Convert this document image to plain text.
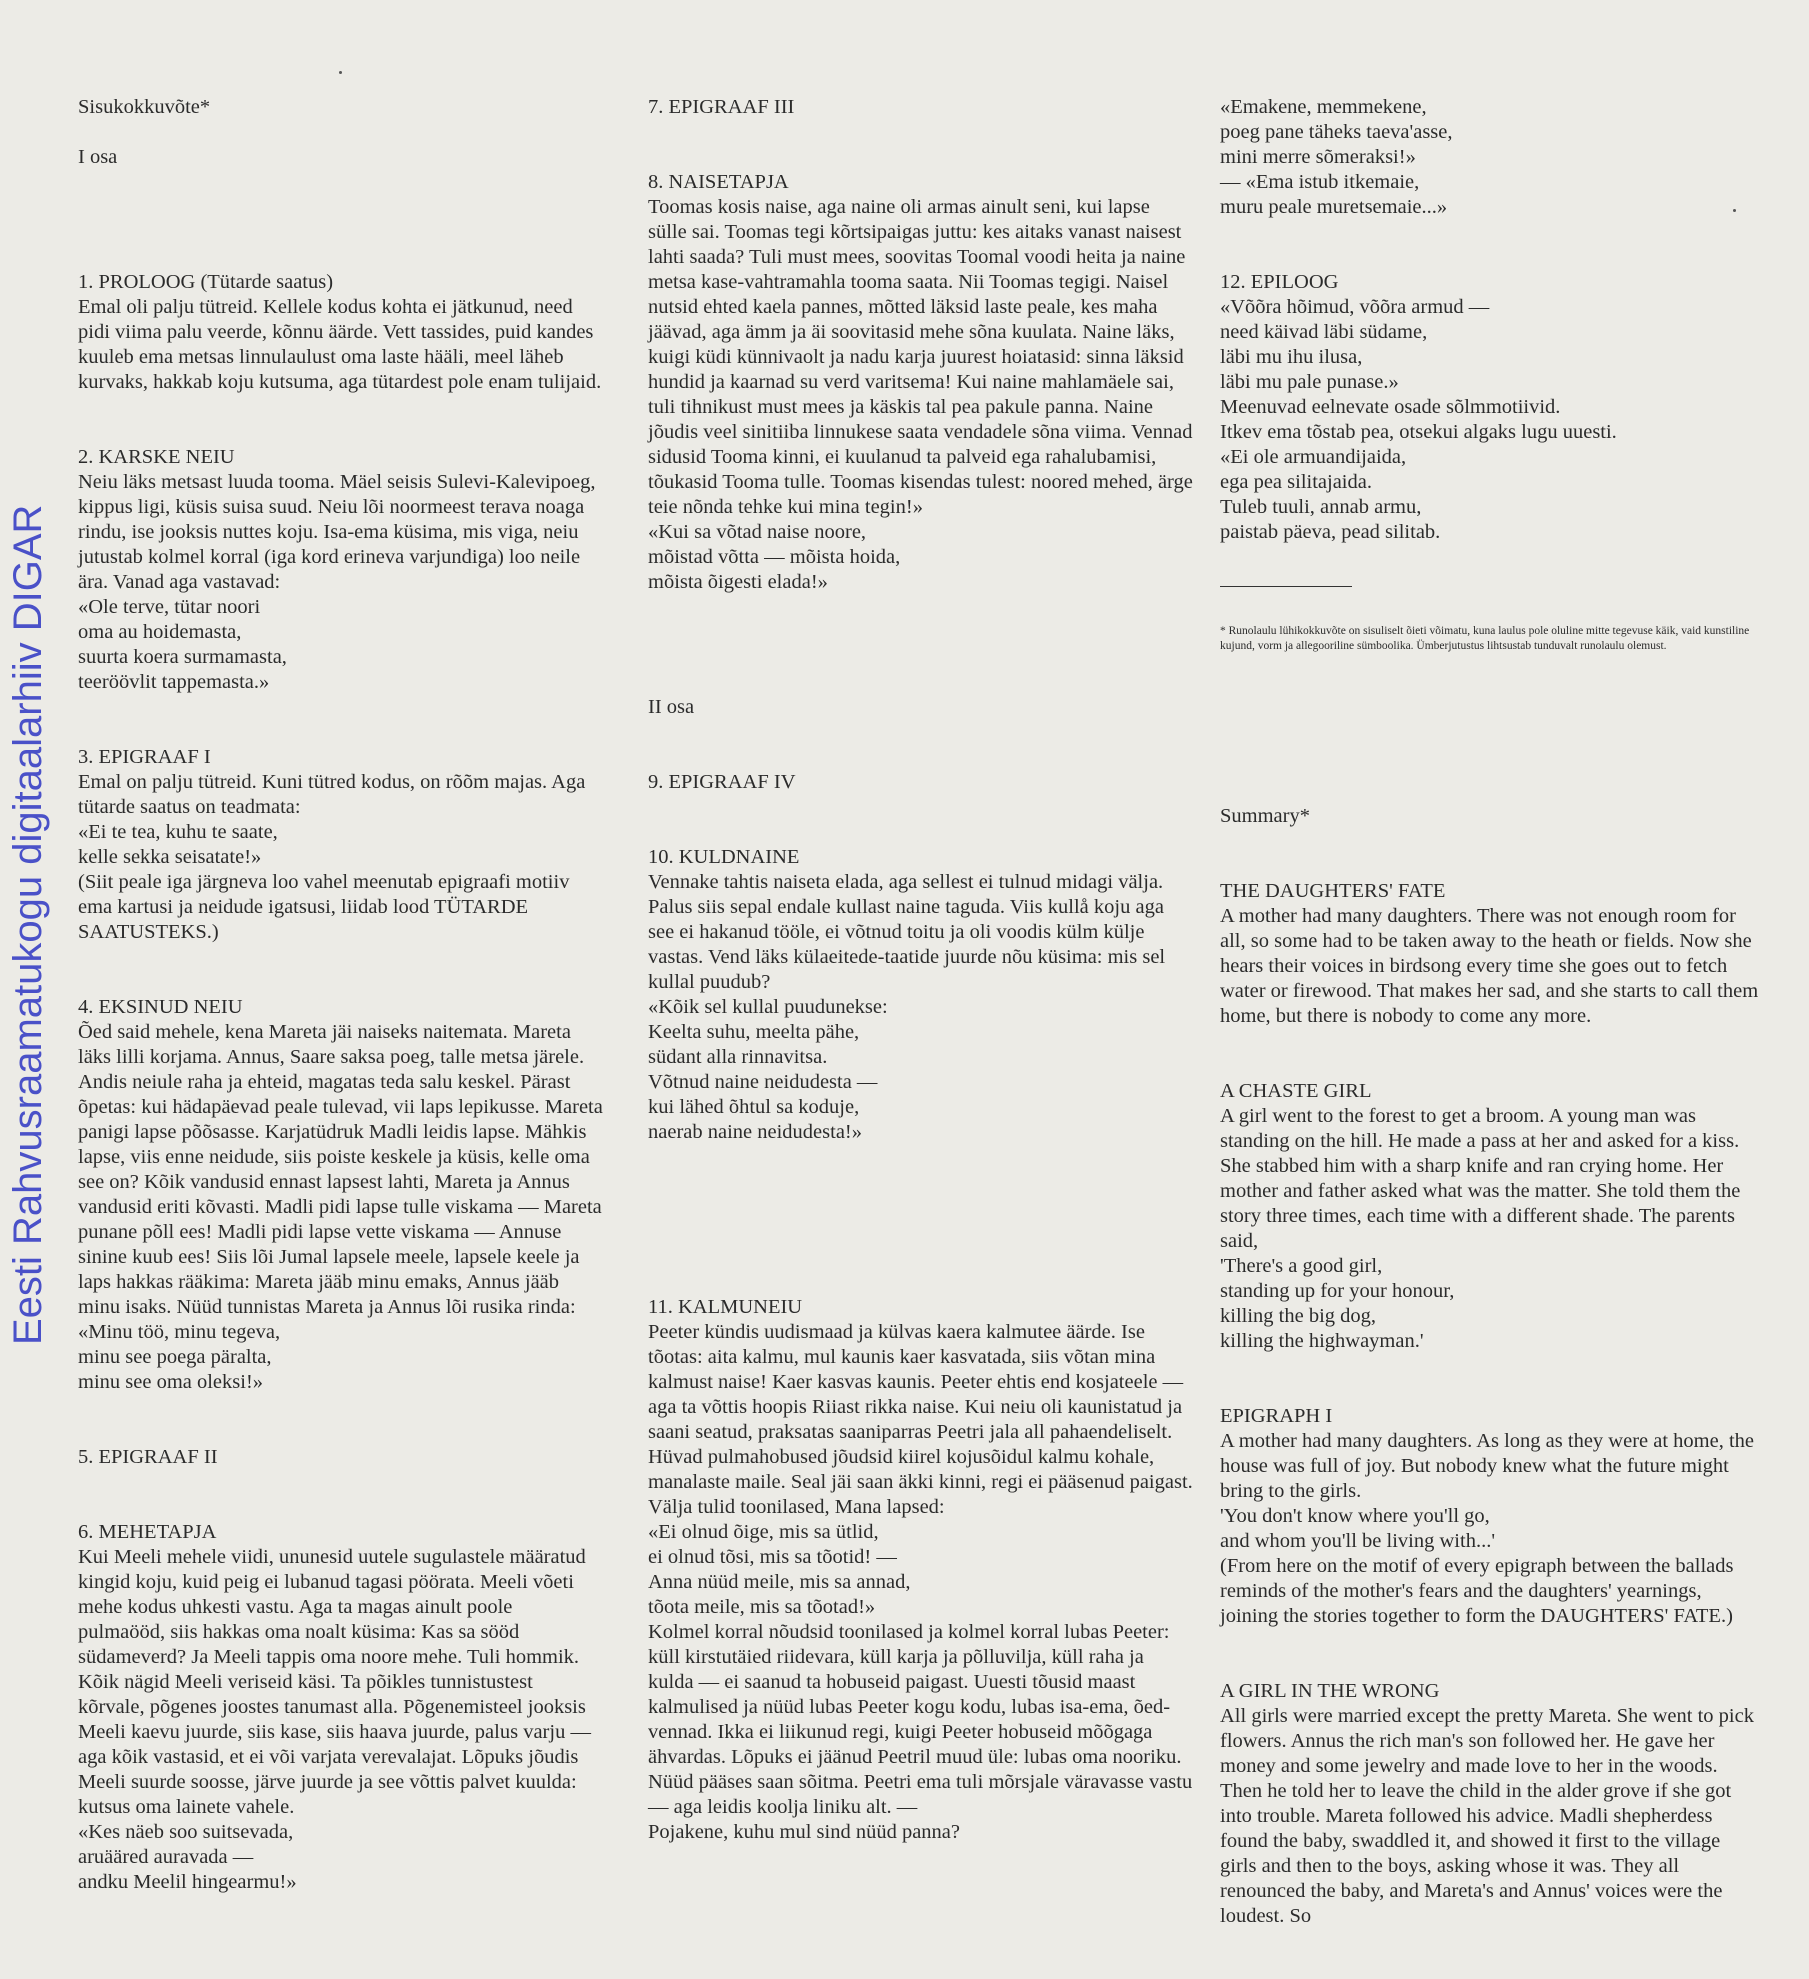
Eesti Rahvusraamatukogu digitaalarhiiv DIGAR

Sisukokkuvõte*

I osa

1. PROLOOG (Tütarde saatus)
Emal oli palju tütreid. Kellele kodus kohta ei jätkunud, need pidi viima palu veerde, kõnnu äärde. Vett tassides, puid kandes kuuleb ema metsas linnulaulust oma laste hääli, meel läheb kurvaks, hakkab koju kutsuma, aga tütardest pole enam tulijaid.

2. KARSKE NEIU
Neiu läks metsast luuda tooma. Mäel seisis Sulevi-Kalevipoeg, kippus ligi, küsis suisa suud. Neiu lõi noormeest terava noaga rindu, ise jooksis nuttes koju. Isa-ema küsima, mis viga, neiu jutustab kolmel korral (iga kord erineva varjundiga) loo neile ära. Vanad aga vastavad:
«Ole terve, tütar noori
oma au hoidemasta,
suurta koera surmamasta,
teeröövlit tappemasta.»

3. EPIGRAAF I
Emal on palju tütreid. Kuni tütred kodus, on rõõm majas. Aga tütarde saatus on teadmata:
«Ei te tea, kuhu te saate,
kelle sekka seisatate!»
(Siit peale iga järgneva loo vahel meenutab epigraafi motiiv ema kartusi ja neidude igatsusi, liidab lood TÜTARDE SAATUSTEKS.)

4. EKSINUD NEIU
Õed said mehele, kena Mareta jäi naiseks naitemata. Mareta läks lilli korjama. Annus, Saare saksa poeg, talle metsa järele. Andis neiule raha ja ehteid, magatas teda salu keskel. Pärast õpetas: kui hädapäevad peale tulevad, vii laps lepikusse. Mareta panigi lapse põõsasse. Karjatüdruk Madli leidis lapse. Mähkis lapse, viis enne neidude, siis poiste keskele ja küsis, kelle oma see on? Kõik vandusid ennast lapsest lahti, Mareta ja Annus vandusid eriti kõvasti. Madli pidi lapse tulle viskama — Mareta punane põll ees! Madli pidi lapse vette viskama — Annuse sinine kuub ees! Siis lõi Jumal lapsele meele, lapsele keele ja laps hakkas rääkima: Mareta jääb minu emaks, Annus jääb minu isaks. Nüüd tunnistas Mareta ja Annus lõi rusika rinda:
«Minu töö, minu tegeva,
minu see poega päralta,
minu see oma oleksi!»

5. EPIGRAAF II

6. MEHETAPJA
Kui Meeli mehele viidi, ununesid uutele sugulastele määratud kingid koju, kuid peig ei lubanud tagasi pöörata. Meeli võeti mehe kodus uhkesti vastu. Aga ta magas ainult poole pulmaööd, siis hakkas oma noalt küsima: Kas sa sööd südameverd? Ja Meeli tappis oma noore mehe. Tuli hommik. Kõik nägid Meeli veriseid käsi. Ta põikles tunnistustest kõrvale, põgenes joostes tanumast alla. Põgenemisteel jooksis Meeli kaevu juurde, siis kase, siis haava juurde, palus varju — aga kõik vastasid, et ei või varjata verevalajat. Lõpuks jõudis Meeli suurde soosse, järve juurde ja see võttis palvet kuulda: kutsus oma lainete vahele.
«Kes näeb soo suitsevada,
aruääred auravada —
andku Meelil hingearmu!»

7. EPIGRAAF III

8. NAISETAPJA
Toomas kosis naise, aga naine oli armas ainult seni, kui lapse sülle sai. Toomas tegi kõrtsipaigas juttu: kes aitaks vanast naisest lahti saada? Tuli must mees, soovitas Toomal voodi heita ja naine metsa kase-vahtramahla tooma saata. Nii Toomas tegigi. Naisel nutsid ehted kaela pannes, mõtted läksid laste peale, kes maha jäävad, aga ämm ja äi soovitasid mehe sõna kuulata. Naine läks, kuigi küdi künnivaolt ja nadu karja juurest hoiatasid: sinna läksid hundid ja kaarnad su verd varitsema! Kui naine mahlamäele sai, tuli tihnikust must mees ja käskis tal pea pakule panna. Naine jõudis veel sinitiiba linnukese saata vendadele sõna viima. Vennad sidusid Tooma kinni, ei kuulanud ta palveid ega rahalubamisi, tõukasid Tooma tulle. Toomas kisendas tulest: noored mehed, ärge teie nõnda tehke kui mina tegin!»
«Kui sa võtad naise noore,
mõistad võtta — mõista hoida,
mõista õigesti elada!»

II osa

9. EPIGRAAF IV

10. KULDNAINE
Vennake tahtis naiseta elada, aga sellest ei tulnud midagi välja. Palus siis sepal endale kullast naine taguda. Viis kullå koju aga see ei hakanud tööle, ei võtnud toitu ja oli voodis külm külje vastas. Vend läks külaeitede-taatide juurde nõu küsima: mis sel kullal puudub?
«Kõik sel kullal puudunekse:
Keelta suhu, meelta pähe,
südant alla rinnavitsa.
Võtnud naine neidudesta —
kui lähed õhtul sa koduje,
naerab naine neidudesta!»

11. KALMUNEIU
Peeter kündis uudismaad ja külvas kaera kalmutee äärde. Ise tõotas: aita kalmu, mul kaunis kaer kasvatada, siis võtan mina kalmust naise! Kaer kasvas kaunis. Peeter ehtis end kosjateele — aga ta võttis hoopis Riiast rikka naise. Kui neiu oli kaunistatud ja saani seatud, praksatas saaniparras Peetri jala all pahaendeliselt. Hüvad pulmahobused jõudsid kiirel kojusõidul kalmu kohale, manalaste maile. Seal jäi saan äkki kinni, regi ei pääsenud paigast. Välja tulid toonilased, Mana lapsed:
«Ei olnud õige, mis sa ütlid,
ei olnud tõsi, mis sa tõotid! —
Anna nüüd meile, mis sa annad,
tõota meile, mis sa tõotad!»
Kolmel korral nõudsid toonilased ja kolmel korral lubas Peeter: küll kirstutäied riidevara, küll karja ja põlluvilja, küll raha ja kulda — ei saanud ta hobuseid paigast. Uuesti tõusid maast kalmulised ja nüüd lubas Peeter kogu kodu, lubas isa-ema, õed-vennad. Ikka ei liikunud regi, kuigi Peeter hobuseid mõõgaga ähvardas. Lõpuks ei jäänud Peetril muud üle: lubas oma nooriku. Nüüd pääses saan sõitma. Peetri ema tuli mõrsjale väravasse vastu — aga leidis koolja liniku alt. —
Pojakene, kuhu mul sind nüüd panna?

«Emakene, memmekene,
poeg pane täheks taeva'asse,
mini merre sõmeraksi!»
— «Ema istub itkemaie,
muru peale muretsemaie...»

12. EPILOOG
«Võõra hõimud, võõra armud —
need käivad läbi südame,
läbi mu ihu ilusa,
läbi mu pale punase.»
Meenuvad eelnevate osade sõlmmotiivid.
Itkev ema tõstab pea, otsekui algaks lugu uuesti.
«Ei ole armuandijaida,
ega pea silitajaida.
Tuleb tuuli, annab armu,
paistab päeva, pead silitab.

* Runolaulu lühikokkuvõte on sisuliselt õieti võimatu, kuna laulus pole oluline mitte tegevuse käik, vaid kunstiline kujund, vorm ja allegooriline sümboolika. Ümberjutustus lihtsustab tunduvalt runolaulu olemust.

Summary*

THE DAUGHTERS' FATE
A mother had many daughters. There was not enough room for all, so some had to be taken away to the heath or fields. Now she hears their voices in birdsong every time she goes out to fetch water or firewood. That makes her sad, and she starts to call them home, but there is nobody to come any more.

A CHASTE GIRL
A girl went to the forest to get a broom. A young man was standing on the hill. He made a pass at her and asked for a kiss. She stabbed him with a sharp knife and ran crying home. Her mother and father asked what was the matter. She told them the story three times, each time with a different shade. The parents said,
'There's a good girl,
standing up for your honour,
killing the big dog,
killing the highwayman.'

EPIGRAPH I
A mother had many daughters. As long as they were at home, the house was full of joy. But nobody knew what the future might bring to the girls.
'You don't know where you'll go,
and whom you'll be living with...'
(From here on the motif of every epigraph between the ballads reminds of the mother's fears and the daughters' yearnings, joining the stories together to form the DAUGHTERS' FATE.)

A GIRL IN THE WRONG
All girls were married except the pretty Mareta. She went to pick flowers. Annus the rich man's son followed her. He gave her money and some jewelry and made love to her in the woods. Then he told her to leave the child in the alder grove if she got into trouble. Mareta followed his advice. Madli shepherdess found the baby, swaddled it, and showed it first to the village girls and then to the boys, asking whose it was. They all renounced the baby, and Mareta's and Annus' voices were the loudest. So
